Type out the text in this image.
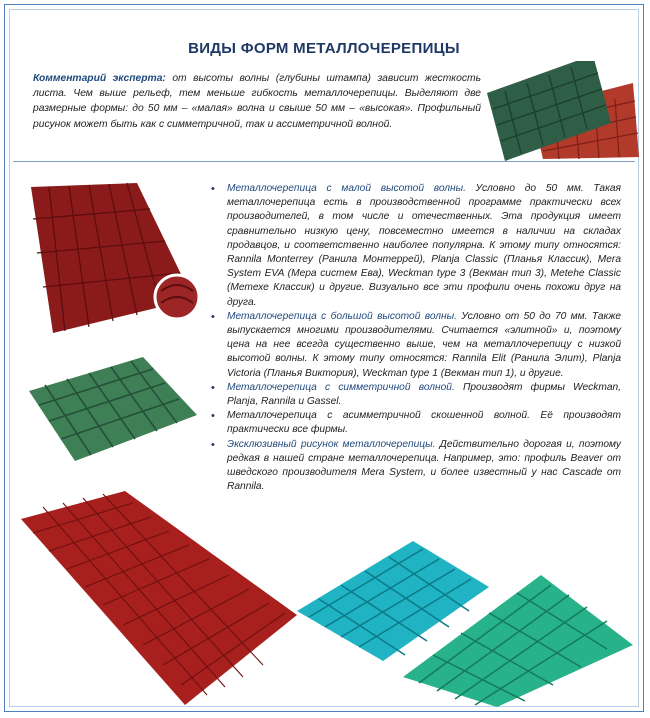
ВИДЫ ФОРМ МЕТАЛЛОЧЕРЕПИЦЫ
Комментарий эксперта: от высоты волны (глубины штампа) зависит жесткость листа. Чем выше рельеф, тем меньше гибкость металлочерепицы. Выделяют две размерные формы: до 50 мм – «малая» волна и свыше 50 мм – «высокая». Профильный рисунок может быть как с симметричной, так и ассиметричной волной.
• Металлочерепица с малой высотой волны. Условно до 50 мм. Такая металлочерепица есть в производственной программе практически всех производителей, в том числе и отечественных. Эта продукция имеет сравнительно низкую цену, повсеместно имеется в наличии на складах продавцов, и соответственно наиболее популярна. К этому типу относятся: Rannila Monterrey (Ранила Монтеррей), Planja Classic (Планья Классик), Mera System EVA (Мера систем Ева), Weckman type 3 (Векман тип 3), Metehe Classic (Метехе Классик) и другие. Визуально все эти профили очень похожи друг на друга.
• Металлочерепица с большой высотой волны. Условно от 50 до 70 мм. Также выпускается многими производителями. Считается «элитной» и, поэтому цена на нее всегда существенно выше, чем на металлочерепицу с низкой высотой волны. К этому типу относятся: Rannila Elit (Ранила Элит), Planja Victoria (Планья Виктория), Weckman type 1 (Векман тип 1), и другие.
• Металлочерепица с симметричной волной. Производят фирмы Weckman, Planja, Rannila и Gassel.
• Металлочерепица с асимметричной скошенной волной. Её производят практически все фирмы.
• Эксклюзивный рисунок металлочерепицы. Действительно дорогая и, поэтому редкая в нашей стране металлочерепица. Например, это: профиль Beaver от шведского производителя Mera System, и более известный у нас Cascade от Rannila.
